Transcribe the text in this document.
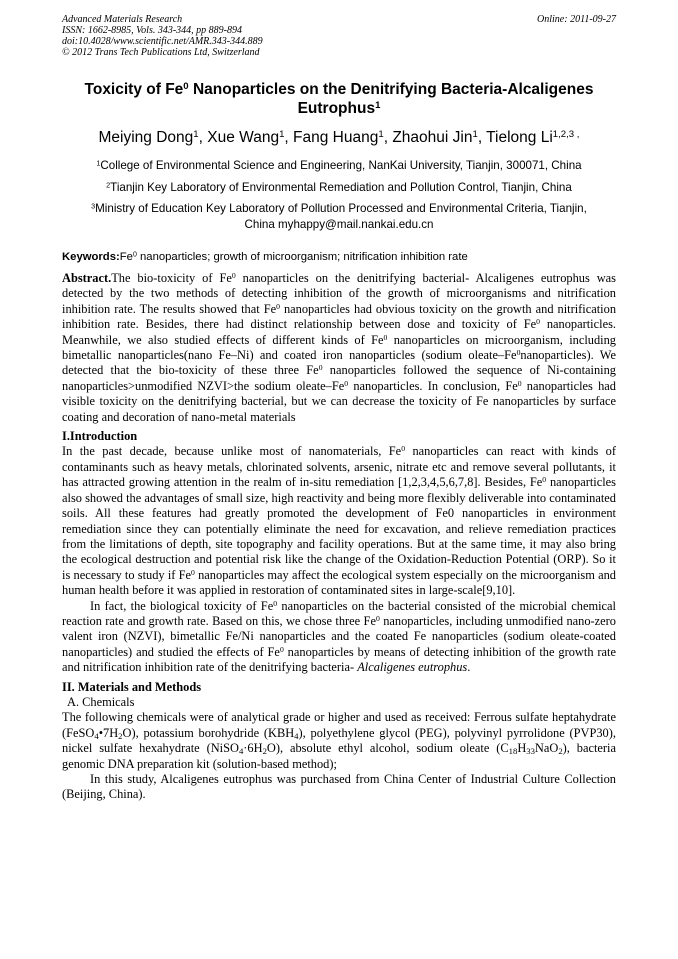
Advanced Materials Research
ISSN: 1662-8985, Vols. 343-344, pp 889-894
doi:10.4028/www.scientific.net/AMR.343-344.889
© 2012 Trans Tech Publications Ltd, Switzerland
Online: 2011-09-27
Toxicity of Fe$^0$ Nanoparticles on the Denitrifying Bacteria-Alcaligenes Eutrophus$^1$
Meiying Dong$^1$, Xue Wang$^1$, Fang Huang$^1$, Zhaohui Jin$^1$, Tielong $Li^{1,2,3 ,}$
$^1$College of Environmental Science and Engineering, NanKai University, Tianjin, 300071, China
$^2$Tianjin Key Laboratory of Environmental Remediation and Pollution Control, Tianjin, China
$^3$Ministry of Education Key Laboratory of Pollution Processed and Environmental Criteria, Tianjin,
China myhappy@mail.nankai.edu.cn
Keywords:Fe$^0$ nanoparticles; growth of microorganism; nitrification inhibition rate

Abstract.The bio-toxicity of Fe$^0$ nanoparticles on the denitrifying bacterial- Alcaligenes eutrophus was detected by the two methods of detecting inhibition of the growth of microorganisms and nitrification inhibition rate. The results showed that Fe$^0$ nanoparticles had obvious toxicity on the growth and nitrification inhibition rate. Besides, there had distinct relationship between dose and toxicity of Fe$^0$ nanoparticles. Meanwhile, we also studied effects of different kinds of Fe$^0$ nanoparticles on microorganism, including bimetallic nanoparticles(nano Fe–Ni) and coated iron nanoparticles (sodium oleate–Fe$^0$nanoparticles). We detected that the bio-toxicity of these three Fe$^0$ nanoparticles followed the sequence of Ni-containing nanoparticles>unmodified NZVI>the sodium oleate–Fe$^0$ nanoparticles. In conclusion, Fe$^0$ nanoparticles had visible toxicity on the denitrifying bacterial, but we can decrease the toxicity of Fe nanoparticles by surface coating and decoration of nano-metal materials

I.Introduction

In the past decade, because unlike most of nanomaterials, Fe$^0$ nanoparticles can react with kinds of contaminants such as heavy metals, chlorinated solvents, arsenic, nitrate etc and remove several pollutants, it has attracted growing attention in the realm of in-situ remediation [1,2,3,4,5,6,7,8]. Besides, Fe$^0$ nanoparticles also showed the advantages of small size, high reactivity and being more flexibly deliverable into contaminated soils. All these features had greatly promoted the development of Fe0 nanoparticles in environment remediation since they can potentially eliminate the need for excavation, and relieve remediation practices from the limitations of depth, site topography and facility operations. But at the same time, it may also bring the ecological destruction and potential risk like the change of the Oxidation-Reduction Potential (ORP). So it is necessary to study if Fe$^0$ nanoparticles may affect the ecological system especially on the microorganism and human health before it was applied in restoration of contaminated sites in large-scale[9,10].

In fact, the biological toxicity of Fe$^0$ nanoparticles on the bacterial consisted of the microbial chemical reaction rate and growth rate. Based on this, we chose three Fe$^0$ nanoparticles, including unmodified nano-zero valent iron (NZVI), bimetallic Fe/Ni nanoparticles and the coated Fe nanoparticles (sodium oleate-coated nanoparticles) and studied the effects of Fe$^0$ nanoparticles by means of detecting inhibition of the growth rate and nitrification inhibition rate of the denitrifying bacteria- Alcaligenes eutrophus.

II. Materials and Methods

A. Chemicals

The following chemicals were of analytical grade or higher and used as received: Ferrous sulfate heptahydrate $(FeSO_4•7H_2O)$, potassium borohydride $(KBH_4)$, polyethylene glycol (PEG), polyvinyl pyrrolidone (PVP30), nickel sulfate hexahydrate $(NiSO_4\cdot 6H_2O)$, absolute ethyl alcohol, sodium oleate $(C_{18}H_{33}NaO_2)$, bacteria genomic DNA preparation kit (solution-based method);

In this study, Alcaligenes eutrophus was purchased from China Center of Industrial Culture Collection (Beijing, China).
